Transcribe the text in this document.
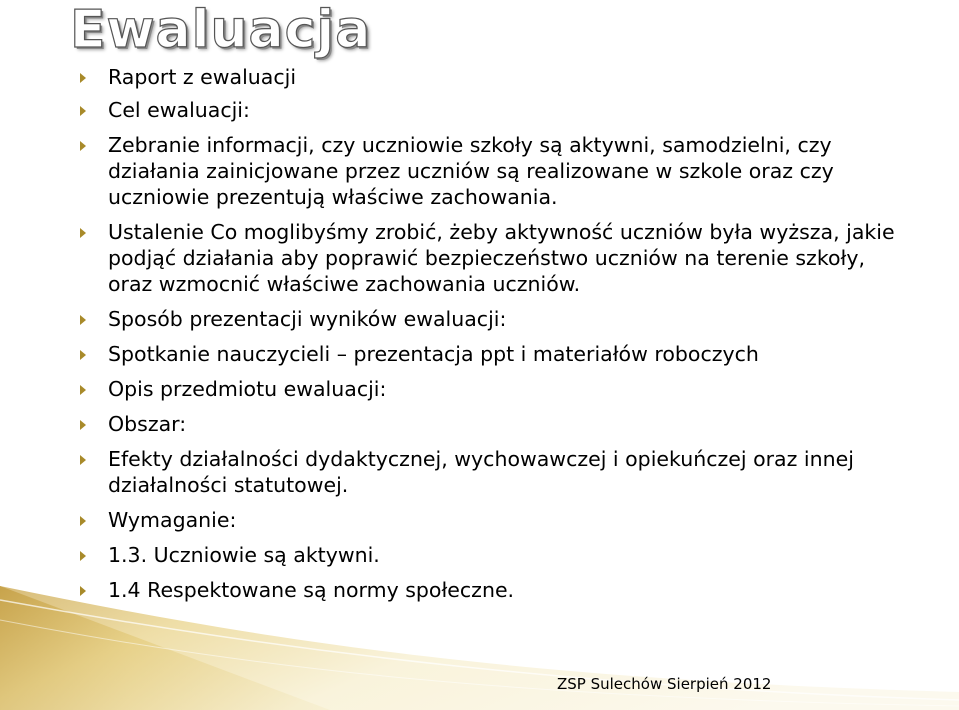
Ewaluacja
Raport z ewaluacji
Cel ewaluacji:
Zebranie informacji, czy uczniowie szkoły są aktywni, samodzielni, czy
działania zainicjowane przez uczniów są realizowane w szkole oraz czy
uczniowie prezentują właściwe zachowania.
Ustalenie Co moglibyśmy zrobić, żeby aktywność uczniów była wyższa, jakie
podjąć działania aby poprawić bezpieczeństwo uczniów na terenie szkoły,
oraz wzmocnić właściwe zachowania uczniów.
Sposób prezentacji wyników ewaluacji:
Spotkanie nauczycieli – prezentacja ppt i materiałów roboczych
Opis przedmiotu ewaluacji:
Obszar:
Efekty działalności dydaktycznej, wychowawczej i opiekuńczej oraz innej
działalności statutowej.
Wymaganie:
1.3. Uczniowie są aktywni.
1.4 Respektowane są normy społeczne.
ZSP Sulechów Sierpień 2012
